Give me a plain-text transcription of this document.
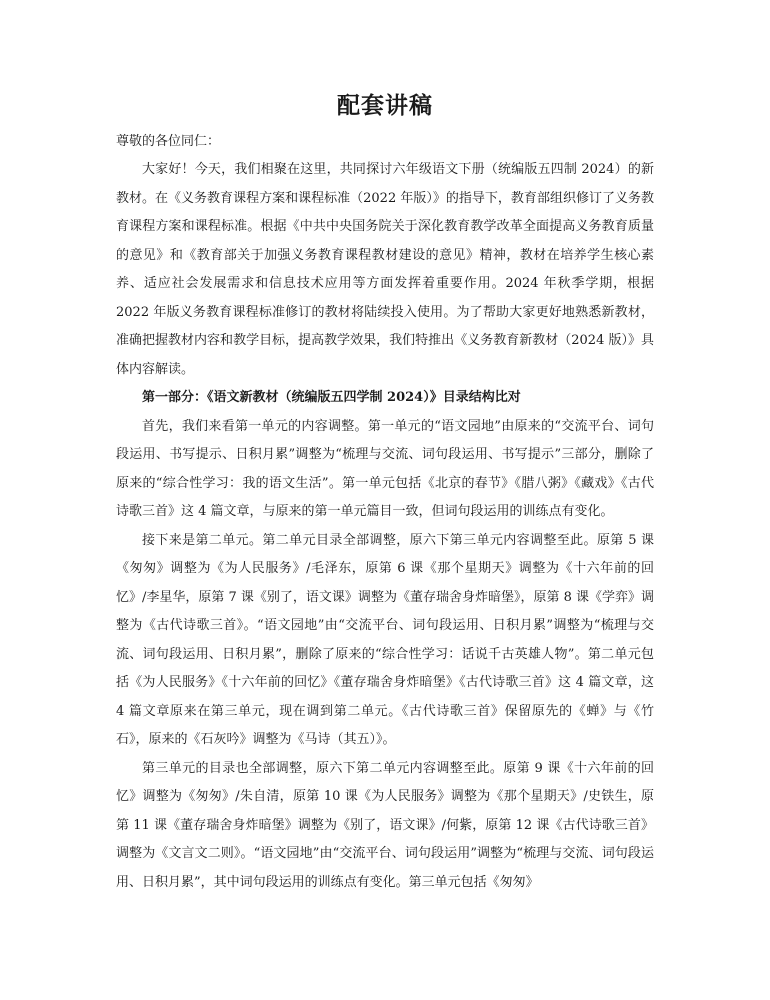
配套讲稿

尊敬的各位同仁：

大家好！今天，我们相聚在这里，共同探讨六年级语文下册（统编版五四制 2024）的新教材。在《义务教育课程方案和课程标准（2022 年版）》的指导下，教育部组织修订了义务教育课程方案和课程标准。根据《中共中央国务院关于深化教育教学改革全面提高义务教育质量的意见》和《教育部关于加强义务教育课程教材建设的意见》精神，教材在培养学生核心素养、适应社会发展需求和信息技术应用等方面发挥着重要作用。2024 年秋季学期，根据 2022 年版义务教育课程标准修订的教材将陆续投入使用。为了帮助大家更好地熟悉新教材，准确把握教材内容和教学目标，提高教学效果，我们特推出《义务教育新教材（2024 版）》具体内容解读。

第一部分：《语文新教材（统编版五四学制 2024）》目录结构比对

首先，我们来看第一单元的内容调整。第一单元的“语文园地”由原来的“交流平台、词句段运用、书写提示、日积月累”调整为“梳理与交流、词句段运用、书写提示”三部分，删除了原来的“综合性学习：我的语文生活”。第一单元包括《北京的春节》《腊八粥》《藏戏》《古代诗歌三首》这 4 篇文章，与原来的第一单元篇目一致，但词句段运用的训练点有变化。

接下来是第二单元。第二单元目录全部调整，原六下第三单元内容调整至此。原第 5 课《匆匆》调整为《为人民服务》/毛泽东，原第 6 课《那个星期天》调整为《十六年前的回忆》/李星华，原第 7 课《别了，语文课》调整为《董存瑞舍身炸暗堡》，原第 8 课《学弈》调整为《古代诗歌三首》。“语文园地”由“交流平台、词句段运用、日积月累”调整为“梳理与交流、词句段运用、日积月累”，删除了原来的“综合性学习：话说千古英雄人物”。第二单元包括《为人民服务》《十六年前的回忆》《董存瑞舍身炸暗堡》《古代诗歌三首》这 4 篇文章，这 4 篇文章原来在第三单元，现在调到第二单元。《古代诗歌三首》保留原先的《蝉》与《竹石》，原来的《石灰吟》调整为《马诗（其五）》。

第三单元的目录也全部调整，原六下第二单元内容调整至此。原第 9 课《十六年前的回忆》调整为《匆匆》/朱自清，原第 10 课《为人民服务》调整为《那个星期天》/史铁生，原第 11 课《董存瑞舍身炸暗堡》调整为《别了，语文课》/何紫，原第 12 课《古代诗歌三首》调整为《文言文二则》。“语文园地”由“交流平台、词句段运用”调整为“梳理与交流、词句段运用、日积月累”，其中词句段运用的训练点有变化。第三单元包括《匆匆》
